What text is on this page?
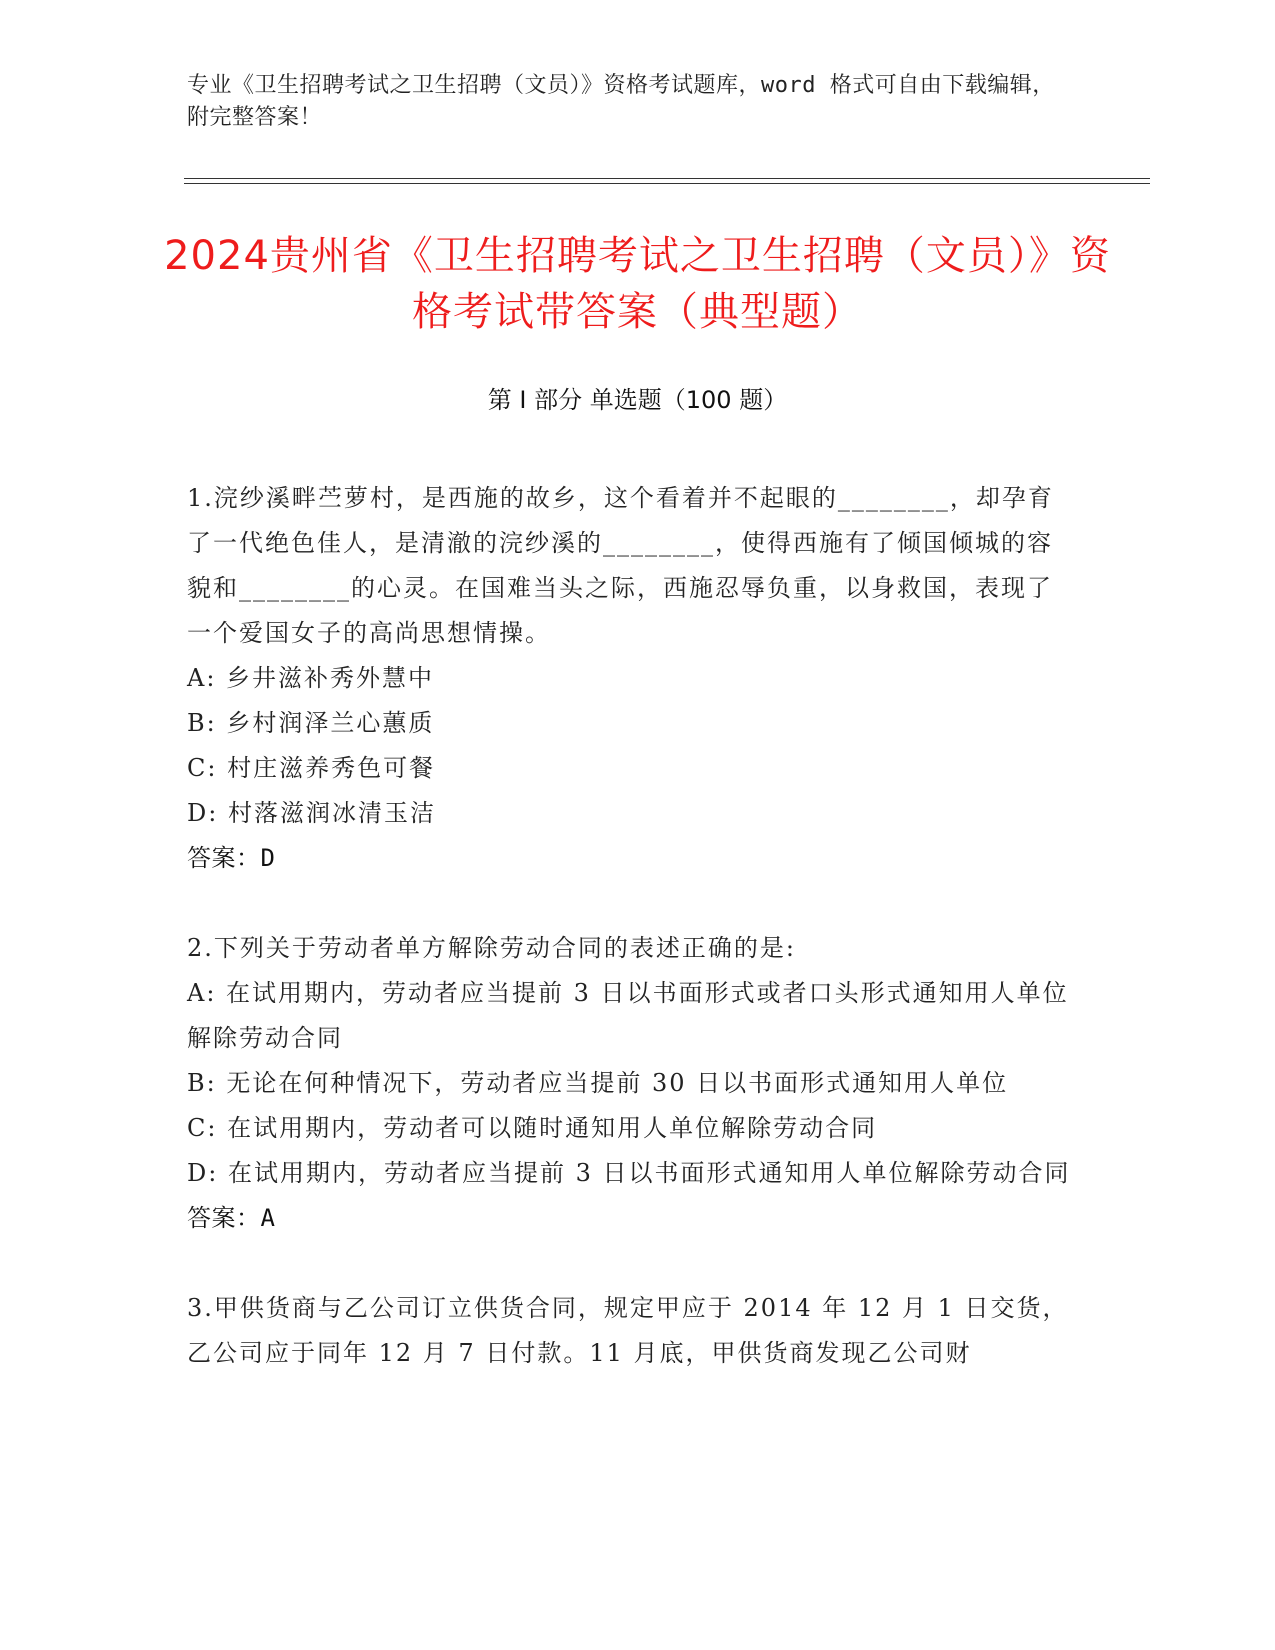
专业《卫生招聘考试之卫生招聘（文员）》资格考试题库，word 格式可自由下载编辑，附完整答案！
2024贵州省《卫生招聘考试之卫生招聘（文员）》资格考试带答案（典型题）
第 I 部分 单选题（100 题）
1.浣纱溪畔苎萝村，是西施的故乡，这个看着并不起眼的________，却孕育了一代绝色佳人，是清澈的浣纱溪的________，使得西施有了倾国倾城的容貌和________的心灵。在国难当头之际，西施忍辱负重，以身救国，表现了一个爱国女子的高尚思想情操。
A: 乡井滋补秀外慧中
B: 乡村润泽兰心蕙质
C: 村庄滋养秀色可餐
D: 村落滋润冰清玉洁
答案：D
2.下列关于劳动者单方解除劳动合同的表述正确的是:
A: 在试用期内，劳动者应当提前 3 日以书面形式或者口头形式通知用人单位解除劳动合同
B: 无论在何种情况下，劳动者应当提前 30 日以书面形式通知用人单位
C: 在试用期内，劳动者可以随时通知用人单位解除劳动合同
D: 在试用期内，劳动者应当提前 3 日以书面形式通知用人单位解除劳动合同
答案：A
3.甲供货商与乙公司订立供货合同，规定甲应于 2014 年 12 月 1 日交货，乙公司应于同年 12 月 7 日付款。11 月底，甲供货商发现乙公司财
